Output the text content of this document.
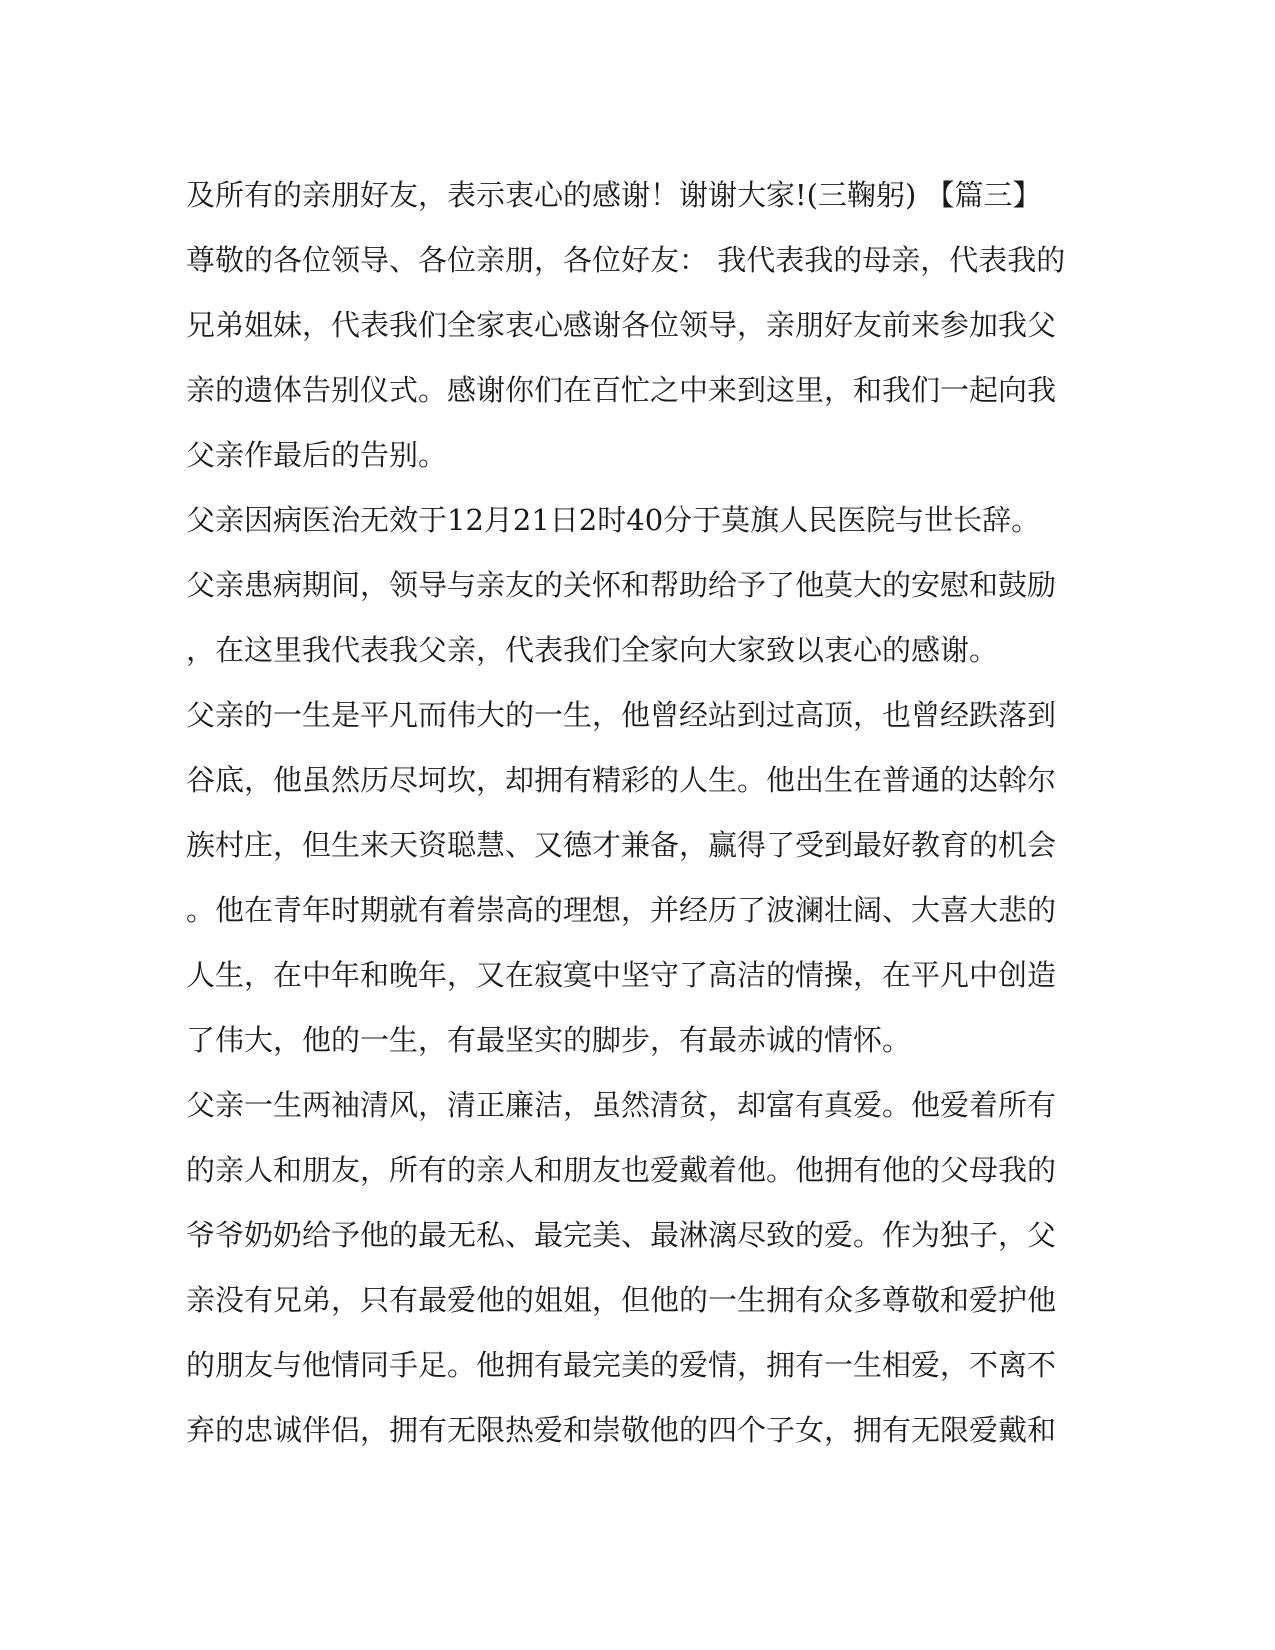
及所有的亲朋好友，表示衷心的感谢！谢谢大家!(三鞠躬) 【篇三】
尊敬的各位领导、各位亲朋，各位好友： 我代表我的母亲，代表我的
兄弟姐妹，代表我们全家衷心感谢各位领导，亲朋好友前来参加我父
亲的遗体告别仪式。感谢你们在百忙之中来到这里，和我们一起向我
父亲作最后的告别。
父亲因病医治无效于12月21日2时40分于莫旗人民医院与世长辞。
父亲患病期间，领导与亲友的关怀和帮助给予了他莫大的安慰和鼓励
，在这里我代表我父亲，代表我们全家向大家致以衷心的感谢。
父亲的一生是平凡而伟大的一生，他曾经站到过高顶，也曾经跌落到
谷底，他虽然历尽坷坎，却拥有精彩的人生。他出生在普通的达斡尔
族村庄，但生来天资聪慧、又德才兼备，赢得了受到最好教育的机会
。他在青年时期就有着崇高的理想，并经历了波澜壮阔、大喜大悲的
人生，在中年和晚年，又在寂寞中坚守了高洁的情操，在平凡中创造
了伟大，他的一生，有最坚实的脚步，有最赤诚的情怀。
父亲一生两袖清风，清正廉洁，虽然清贫，却富有真爱。他爱着所有
的亲人和朋友，所有的亲人和朋友也爱戴着他。他拥有他的父母我的
爷爷奶奶给予他的最无私、最完美、最淋漓尽致的爱。作为独子，父
亲没有兄弟，只有最爱他的姐姐，但他的一生拥有众多尊敬和爱护他
的朋友与他情同手足。他拥有最完美的爱情，拥有一生相爱，不离不
弃的忠诚伴侣，拥有无限热爱和崇敬他的四个子女，拥有无限爱戴和
